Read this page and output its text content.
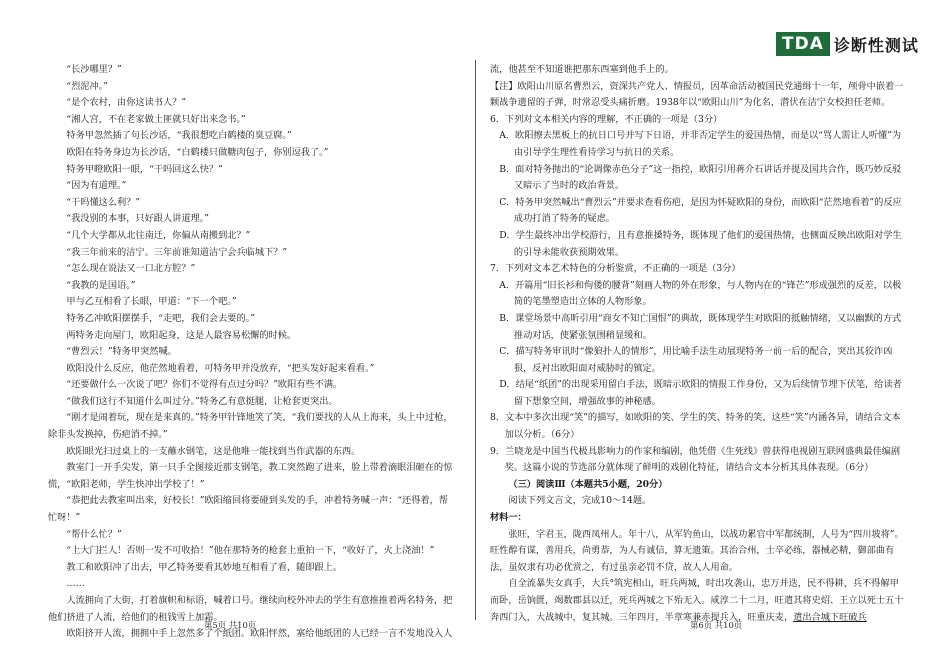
TDA 诊断性测试

“长沙哪里？”

“烈泥冲。”

“是个农村，由你这读书人？”

“湘人宫，不在老家做土匪就只好出来念书。”

特务甲忽然插了句长沙话，“我很想吃白鹤楼的臭豆腐。”

欧阳在特务身边为长沙话，“白鹤楼只做糖肉包子，你别逗我了。”

特务甲瞪欧阳一眼，“干吗回这么快？”

“因为有道理。”

“干吗懂这么利？”

“我没别的本事，只好跟人讲道理。”

“几个大学都从北往南迁，你偏从南搬到北？”

“我三年前来的洁宁。三年前谁知道洁宁会兵临城下？”

“怎么现在说法又一口北方腔？”

“我教的是国语。”

甲与乙互相看了长眼，甲道：“下一个吧。”

特务乙冲欧阳摆摆手，“走吧，我们会去要的。”

两特务走向屋门，欧阳起身，这是人最容易松懈的时候。

“曹烈云！”特务甲突然喊。

欧阳没什么反应，他茫然地看着，可特务甲并没放弃，“把头发好起来看看。”

“还要做什么一次说了吧？你们不觉得有点过分吗？”欧阳有些不满。

“做我们这行不知道什么叫过分。”特务乙有意挺腿，让枪套更突出。

“刚才是闹着玩，现在是来真的。”特务甲针锋地笑了笑，“我们要找的人从上海来，头上中过枪，除非头发换掉，伤疤消不掉。”

欧阳眼光扫过桌上的一支蘸水钢笔，这是他唯一能找到当作武器的东西。

教室门一开手尖发，第一只手全图接近那支钢笔，教工突然跑了进来，脸上带着滴眼泪砸在的惊慌，“欧阳老师，学生快冲出学校了！”

“恭把此去教室叫出来，好校长！”欧阳缩回将要碰到头发的手，冲着特务喊一声：“还得着，帮忙呀！”

“帮什么忙？”

“上大门拦人！否则一发不可收拾！”他在那特务的枪套上重拍一下，“收好了，火上浇油！”

教工和欧阳冲了出去，甲乙特务要看其妙地互相看了看，随即跟上。

……

人流拥向了大街，打着旗帜和标语，喊着口号。继续向校外冲去的学生有意推推着两名特务，把他们挤进了人流，给他们的租钱雪上加霜。

欧阳挤开人流，拥拥中手上忽然多了个纸团。欧阳怦然，塞给他纸团的人已经一言不发地没入人

流，他甚至不知道谁把那东西塞到他手上的。

【注】欧阳山川原名曹烈云，资深共产党人、情报员，因革命活动被国民党通缉十一年，颅骨中嵌着一颗战争遗留的子弹，时常忍受头痛折磨。1938年以“欧阳山川”为化名，潜伏在洁宁女校担任老师。

6．下列对文本相关内容的理解，不正确的一项是（3分）

A．欧阳擦去黑板上的抗日口号并写下日语，并非否定学生的爱国热情，而是以“骂人需让人听懂”为由引导学生理性看待学习与抗日的关系。

B．面对特务抛出的“论调像赤色分子”这一指控，欧阳引用蒋介石讲话并提及国共合作，既巧妙反驳又暗示了当时的政治背景。

C．特务甲突然喊出“曹烈云”并要求查看伤疤，是因为怀疑欧阳的身份，而欧阳“茫然地看着”的反应成功打消了特务的疑虑。

D．学生最终冲出学校游行，且有意推搡特务，既体现了他们的爱国热情，也侧面反映出欧阳对学生的引导未能收获预期效果。

7．下列对文本艺术特色的分析鉴赏，不正确的一项是（3分）

A．开篇用“旧长衫和佝偻的腰背”刻画人物的外在形象，与人物内在的“锋芒”形成强烈的反差，以极简的笔墨塑造出立体的人物形象。

B．课堂场景中高昕引用“商女不知亡国恨”的典故，既体现学生对欧阳的抵触情绪，又以幽默的方式推动对话，使紧张氛围稍显缓和。

C．描写特务审讯时“像狼扑人的情形”，用比喻手法生动展现特务一前一后的配合，突出其狡诈凶狠，反衬出欧阳面对威胁时的镇定。

D．结尾“纸团”的出现采用留白手法，既暗示欧阳的情报工作身份，又为后续情节埋下伏笔，给读者留下想象空间，增强故事的神秘感。

8．文本中多次出现“笑”的描写，如欧阳的笑、学生的笑、特务的笑，这些“笑”内涵各异，请结合文本加以分析。（6分）

9．兰晓龙是中国当代极具影响力的作家和编剧，他凭借《生死线》曾获得电视剧互联网盛典最佳编剧奖。这篇小说的节选部分就体现了鲜明的戏剧化特征，请结合文本分析其具体表现。（6分）

（三）阅读Ⅲ（本题共5小题，20分）

阅读下列文言文，完成10～14题。

材料一：

张旺，字君玉，陇西凤州人。年十八，从军钓鱼山，以战功累官中军都统制，人号为“四川坡将”。旺性醇有谋，善用兵，尚勇恭，为人有诚信，算无遗策。其治合州，士卒必练，器械必精，御部曲有法，虽奴隶有功必优赏之，有过虽亲必罚不贷，故人人用命。

自全流暴失女真手，大兵°筑宪相山，旺兵两城，时出攻袭山，忠万并迭，民不得耕，兵不得解甲而卧，岳饷匮，竭数郡县以迁，死兵两城之下殆无入。咸淳二十二月，旺遣其将史炤、王立以死士五十奔西门入，大战城中，复其城。三年四月，半章寒兼赤提兵入，旺重庆麦，遣出合城下旺破兵

第5页 共10页	第6页 共10页
